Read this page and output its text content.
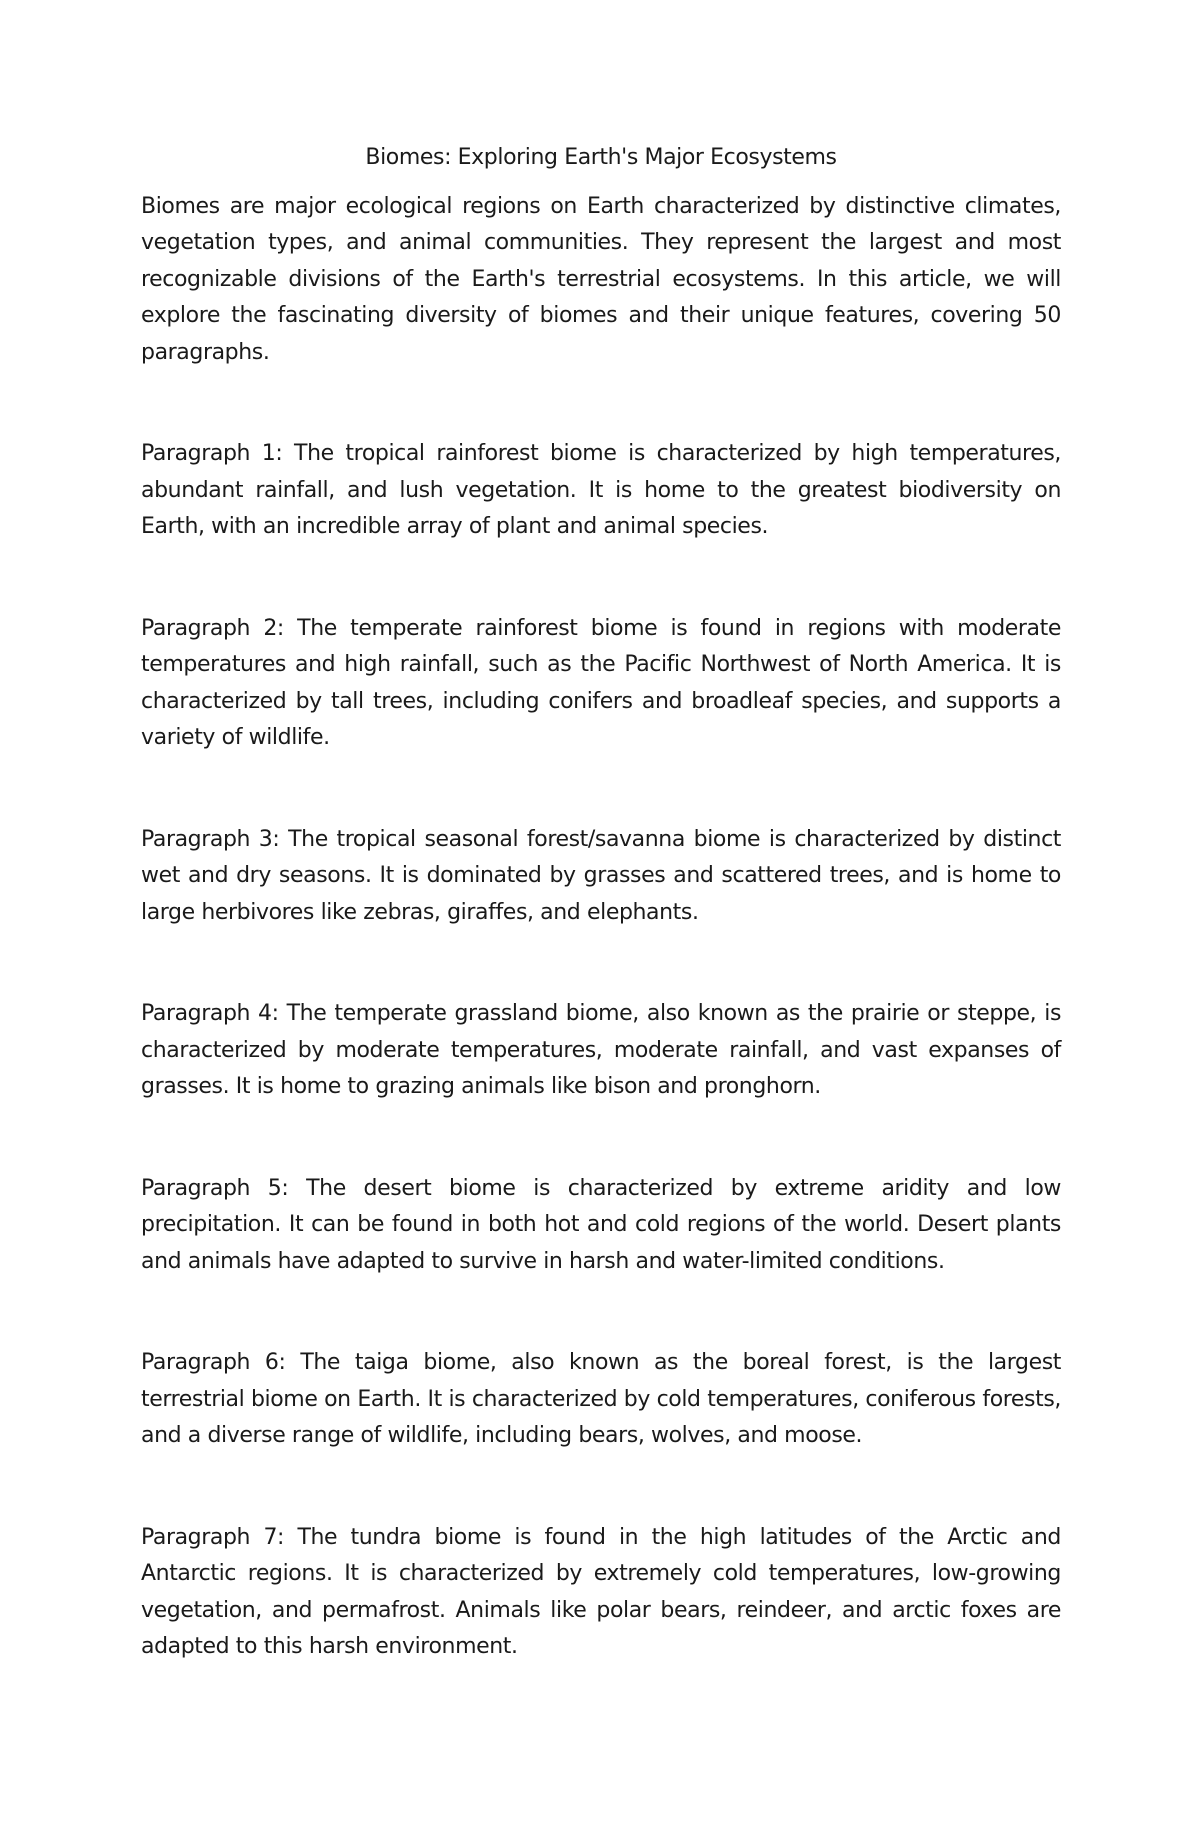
Biomes: Exploring Earth's Major Ecosystems

Biomes are major ecological regions on Earth characterized by distinctive climates, vegetation types, and animal communities. They represent the largest and most recognizable divisions of the Earth's terrestrial ecosystems. In this article, we will explore the fascinating diversity of biomes and their unique features, covering 50 paragraphs.

Paragraph 1: The tropical rainforest biome is characterized by high temperatures, abundant rainfall, and lush vegetation. It is home to the greatest biodiversity on Earth, with an incredible array of plant and animal species.

Paragraph 2: The temperate rainforest biome is found in regions with moderate temperatures and high rainfall, such as the Pacific Northwest of North America. It is characterized by tall trees, including conifers and broadleaf species, and supports a variety of wildlife.

Paragraph 3: The tropical seasonal forest/savanna biome is characterized by distinct wet and dry seasons. It is dominated by grasses and scattered trees, and is home to large herbivores like zebras, giraffes, and elephants.

Paragraph 4: The temperate grassland biome, also known as the prairie or steppe, is characterized by moderate temperatures, moderate rainfall, and vast expanses of grasses. It is home to grazing animals like bison and pronghorn.

Paragraph 5: The desert biome is characterized by extreme aridity and low precipitation. It can be found in both hot and cold regions of the world. Desert plants and animals have adapted to survive in harsh and water-limited conditions.

Paragraph 6: The taiga biome, also known as the boreal forest, is the largest terrestrial biome on Earth. It is characterized by cold temperatures, coniferous forests, and a diverse range of wildlife, including bears, wolves, and moose.

Paragraph 7: The tundra biome is found in the high latitudes of the Arctic and Antarctic regions. It is characterized by extremely cold temperatures, low-growing vegetation, and permafrost. Animals like polar bears, reindeer, and arctic foxes are adapted to this harsh environment.
